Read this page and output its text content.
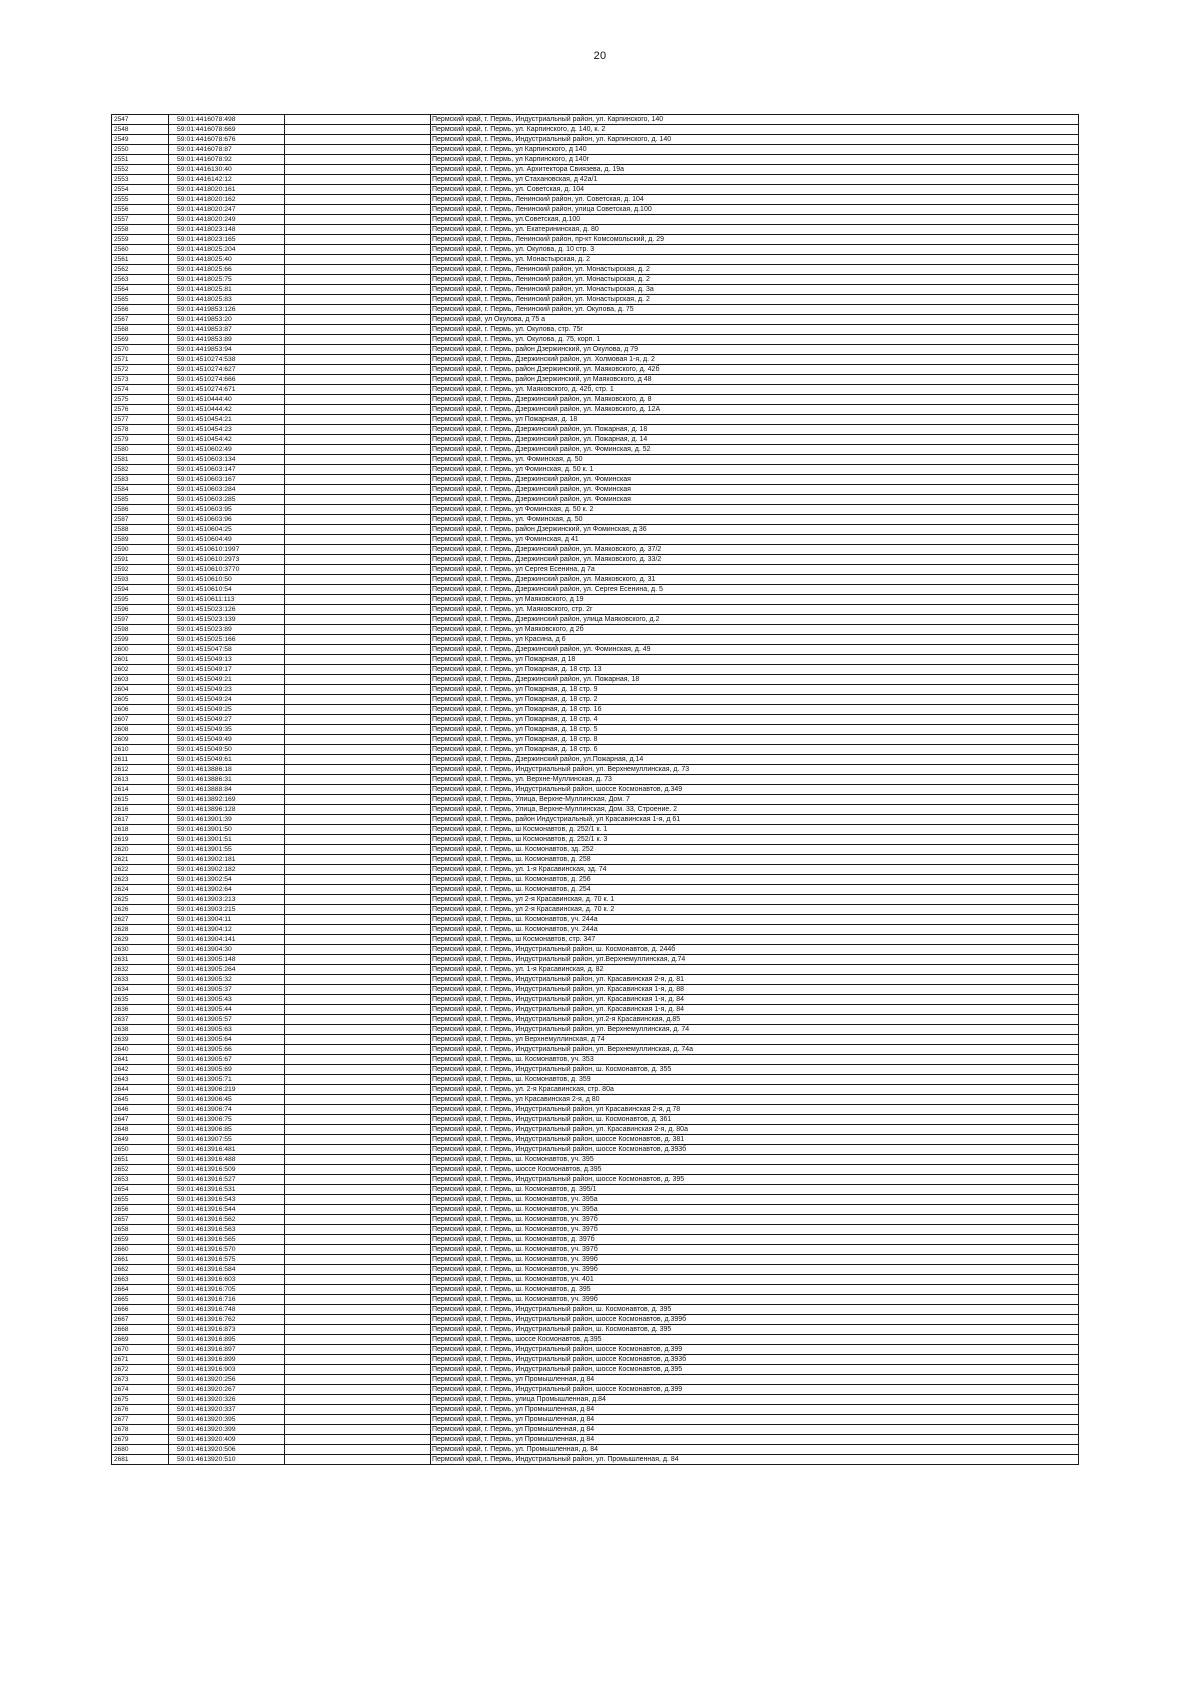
20
2547	59:01:4416078:498		Пермский край, г. Пермь, Индустриальный район, ул. Карпинского, 140
2548	59:01:4416078:669		Пермский край, г. Пермь, ул. Карпинского, д. 140, к. 2
2549	59:01:4416078:676		Пермский край, г. Пермь, Индустриальный район, ул. Карпинского, д. 140
2550	59:01:4416078:87		Пермский край, г. Пермь, ул Карпинского, д 140
2551	59:01:4416078:92		Пермский край, г. Пермь, ул Карпинского, д 140г
2552	59:01:4416130:40		Пермский край, г. Пермь, ул. Архитектора Свиязева, д. 19а
2553	59:01:4416142:12		Пермский край, г. Пермь, ул Стахановская, д 42а/1
2554	59:01:4418020:161		Пермский край, г. Пермь, ул. Советская, д. 104
2555	59:01:4418020:162		Пермский край, г. Пермь, Ленинский район, ул. Советская, д. 104
2556	59:01:4418020:247		Пермский край, г. Пермь, Ленинский район, улица Советская, д.100
2557	59:01:4418020:249		Пермский край, г. Пермь, ул.Советская, д.100
2558	59:01:4418023:148		Пермский край, г. Пермь, ул. Екатерининская, д. 80
2559	59:01:4418023:165		Пермский край, г. Пермь, Ленинский район, пр-кт Комсомольский, д. 29
2560	59:01:4418025:204		Пермский край, г. Пермь, ул. Окулова, д. 10 стр. 3
2561	59:01:4418025:40		Пермский край, г. Пермь, ул. Монастырская, д. 2
2562	59:01:4418025:66		Пермский край, г. Пермь, Ленинский район, ул. Монастырская, д. 2
2563	59:01:4418025:75		Пермский край, г. Пермь, Ленинский район, ул. Монастырская, д. 2
2564	59:01:4418025:81		Пермский край, г. Пермь, Ленинский район, ул. Монастырская, д. 3а
2565	59:01:4418025:83		Пермский край, г. Пермь, Ленинский район, ул. Монастырская, д. 2
2566	59:01:4419853:126		Пермский край, г. Пермь, Ленинский район, ул. Окулова, д. 75
2567	59:01:4419853:20		Пермский край, ул Окулова, д 75 а
2568	59:01:4419853:87		Пермский край, г. Пермь, ул. Окулова, стр. 75г
2569	59:01:4419853:89		Пермский край, г. Пермь, ул. Окулова, д. 75, корп. 1
2570	59:01:4419853:94		Пермский край, г. Пермь, район Дзержинский, ул Окулова, д 79
2571	59:01:4510274:538		Пермский край, г. Пермь, Дзержинский район, ул. Холмовая 1-я, д. 2
2572	59:01:4510274:627		Пермский край, г. Пермь, район Дзержинский, ул. Маяковского, д. 42б
2573	59:01:4510274:666		Пермский край, г. Пермь, район Дзержинский, ул Маяковского, д 48
2574	59:01:4510274:671		Пермский край, г. Пермь, ул. Маяковского, д. 42б, стр. 1
2575	59:01:4510444:40		Пермский край, г. Пермь, Дзержинский район, ул. Маяковского, д. 8
2576	59:01:4510444:42		Пермский край, г. Пермь, Дзержинский район, ул. Маяковского, д. 12А
2577	59:01:4510454:21		Пермский край, г. Пермь, ул Пожарная, д. 18
2578	59:01:4510454:23		Пермский край, г. Пермь, Дзержинский район, ул. Пожарная, д. 18
2579	59:01:4510454:42		Пермский край, г. Пермь, Дзержинский район, ул. Пожарная, д. 14
2580	59:01:4510602:49		Пермский край, г. Пермь, Дзержинский район, ул. Фоминская, д. 52
2581	59:01:4510603:134		Пермский край, г. Пермь, ул. Фоминская, д. 50
2582	59:01:4510603:147		Пермский край, г. Пермь, ул Фоминская, д. 50 к. 1
2583	59:01:4510603:167		Пермский край, г. Пермь, Дзержинский район, ул. Фоминская
2584	59:01:4510603:284		Пермский край, г. Пермь, Дзержинский район, ул. Фоминская
2585	59:01:4510603:285		Пермский край, г. Пермь, Дзержинский район, ул. Фоминская
2586	59:01:4510603:95		Пермский край, г. Пермь, ул Фоминская, д. 50 к. 2
2587	59:01:4510603:96		Пермский край, г. Пермь, ул. Фоминская, д. 50
2588	59:01:4510604:25		Пермский край, г. Пермь, район Дзержинский, ул Фоминская, д 36
2589	59:01:4510604:49		Пермский край, г. Пермь, ул Фоминская, д 41
2590	59:01:4510610:1997		Пермский край, г. Пермь, Дзержинский район, ул. Маяковского, д. 37/2
2591	59:01:4510610:2973		Пермский край, г. Пермь, Дзержинский район, ул. Маяковского, д. 33/2
2592	59:01:4510610:3770		Пермский край, г. Пермь, ул Сергея Есенина, д 7а
2593	59:01:4510610:50		Пермский край, г. Пермь, Дзержинский район, ул. Маяковского, д. 31
2594	59:01:4510610:54		Пермский край, г. Пермь, Дзержинский район, ул. Сергея Есенина, д. 5
2595	59:01:4510611:113		Пермский край, г. Пермь, ул Маяковского, д 19
2596	59:01:4515023:126		Пермский край, г. Пермь, ул. Маяковского, стр. 2г
2597	59:01:4515023:139		Пермский край, г. Пермь, Дзержинский район, улица Маяковского, д.2
2598	59:01:4515023:89		Пермский край, г. Пермь, ул Маяковского, д 2б
2599	59:01:4515025:166		Пермский край, г. Пермь, ул Красина, д 6
2600	59:01:4515047:58		Пермский край, г. Пермь, Дзержинский район, ул. Фоминская, д. 49
2601	59:01:4515049:13		Пермский край, г. Пермь, ул Пожарная, д 18
2602	59:01:4515049:17		Пермский край, г. Пермь, ул Пожарная, д. 18 стр. 13
2603	59:01:4515049:21		Пермский край, г. Пермь, Дзержинский район, ул. Пожарная, 18
2604	59:01:4515049:23		Пермский край, г. Пермь, ул Пожарная, д. 18 стр. 9
2605	59:01:4515049:24		Пермский край, г. Пермь, ул Пожарная, д. 18 стр. 2
2606	59:01:4515049:25		Пермский край, г. Пермь, ул Пожарная, д. 18 стр. 16
2607	59:01:4515049:27		Пермский край, г. Пермь, ул Пожарная, д. 18 стр. 4
2608	59:01:4515049:35		Пермский край, г. Пермь, ул Пожарная, д. 18 стр. 5
2609	59:01:4515049:49		Пермский край, г. Пермь, ул Пожарная, д. 18 стр. 8
2610	59:01:4515049:50		Пермский край, г. Пермь, ул Пожарная, д. 18 стр. 6
2611	59:01:4515049:61		Пермский край, г. Пермь, Дзержинский район, ул.Пожарная, д.14
2612	59:01:4613886:18		Пермский край, г. Пермь, Индустриальный район, ул. Верхнемуллинская, д. 73
2613	59:01:4613886:31		Пермский край, г. Пермь, ул. Верхне-Муллинская, д. 73
2614	59:01:4613888:84		Пермский край, г. Пермь, Индустриальный район, шоссе Космонавтов, д.349
2615	59:01:4613892:169		Пермский край, г. Пермь, Улица, Верхне-Муллинская, Дом. 7
2616	59:01:4613896:128		Пермский край, г. Пермь, Улица, Верхне-Муллинская, Дом. 33, Строение. 2
2617	59:01:4613901:39		Пермский край, г. Пермь, район Индустриальный, ул Красавинская 1-я, д 61
2618	59:01:4613901:50		Пермский край, г. Пермь, ш Космонавтов, д. 252/1 к. 1
2619	59:01:4613901:51		Пермский край, г. Пермь, ш Космонавтов, д. 252/1 к. 3
2620	59:01:4613901:55		Пермский край, г. Пермь, ш. Космонавтов, зд. 252
2621	59:01:4613902:181		Пермский край, г. Пермь, ш. Космонавтов, д. 258
2622	59:01:4613902:182		Пермский край, г. Пермь, ул. 1-я Красавинская, зд. 74
2623	59:01:4613902:54		Пермский край, г. Пермь, ш. Космонавтов, д. 256
2624	59:01:4613902:64		Пермский край, г. Пермь, ш. Космонавтов, д. 254
2625	59:01:4613903:213		Пермский край, г. Пермь, ул 2-я Красавинская, д. 70 к. 1
2626	59:01:4613903:215		Пермский край, г. Пермь, ул 2-я Красавинская, д. 70 к. 2
2627	59:01:4613904:11		Пермский край, г. Пермь, ш. Космонавтов, уч. 244а
2628	59:01:4613904:12		Пермский край, г. Пермь, ш. Космонавтов, уч. 244а
2629	59:01:4613904:141		Пермский край, г. Пермь, ш Космонавтов, стр. 347
2630	59:01:4613904:30		Пермский край, г. Пермь, Индустриальный район, ш. Космонавтов, д. 244б
2631	59:01:4613905:148		Пермский край, г. Пермь, Индустриальный район, ул.Верхнемуллинская, д.74
2632	59:01:4613905:264		Пермский край, г. Пермь, ул. 1-я Красавинская, д. 82
2633	59:01:4613905:32		Пермский край, г. Пермь, Индустриальный район, ул. Красавинская 2-я, д. 81
2634	59:01:4613905:37		Пермский край, г. Пермь, Индустриальный район, ул. Красавинская 1-я, д. 88
2635	59:01:4613905:43		Пермский край, г. Пермь, Индустриальный район, ул. Красавинская 1-я, д. 84
2636	59:01:4613905:44		Пермский край, г. Пермь, Индустриальный район, ул. Красавинская 1-я, д. 84
2637	59:01:4613905:57		Пермский край, г. Пермь, Индустриальный район, ул.2-я Красавинская, д.85
2638	59:01:4613905:63		Пермский край, г. Пермь, Индустриальный район, ул. Верхнемуллинская, д. 74
2639	59:01:4613905:64		Пермский край, г. Пермь, ул Верхнемуллинская, д 74
2640	59:01:4613905:66		Пермский край, г. Пермь, Индустриальный район, ул. Верхнемуллинская, д. 74а
2641	59:01:4613905:67		Пермский край, г. Пермь, ш. Космонавтов, уч. 353
2642	59:01:4613905:69		Пермский край, г. Пермь, Индустриальный район, ш. Космонавтов, д. 355
2643	59:01:4613905:71		Пермский край, г. Пермь, ш. Космонавтов, д. 359
2644	59:01:4613906:219		Пермский край, г. Пермь, ул. 2-я Красавинская, стр. 80а
2645	59:01:4613906:45		Пермский край, г. Пермь, ул Красавинская 2-я, д 80
2646	59:01:4613906:74		Пермский край, г. Пермь, Индустриальный район, ул Красавинская 2-я, д 78
2647	59:01:4613906:75		Пермский край, г. Пермь, Индустриальный район, ш. Космонавтов, д. 361
2648	59:01:4613906:85		Пермский край, г. Пермь, Индустриальный район, ул. Красавинская 2-я, д. 80а
2649	59:01:4613907:55		Пермский край, г. Пермь, Индустриальный район, шоссе Космонавтов, д. 381
2650	59:01:4613916:481		Пермский край, г. Пермь, Индустриальный район, шоссе Космонавтов, д.393б
2651	59:01:4613916:488		Пермский край, г. Пермь, ш. Космонавтов, уч. 395
2652	59:01:4613916:509		Пермский край, г. Пермь, шоссе Космонавтов, д.395
2653	59:01:4613916:527		Пермский край, г. Пермь, Индустриальный район, шоссе Космонавтов, д. 395
2654	59:01:4613916:531		Пермский край, г. Пермь, ш. Космонавтов, д. 395/1
2655	59:01:4613916:543		Пермский край, г. Пермь, ш. Космонавтов, уч. 395а
2656	59:01:4613916:544		Пермский край, г. Пермь, ш. Космонавтов, уч. 395а
2657	59:01:4613916:562		Пермский край, г. Пермь, ш. Космонавтов, уч. 397б
2658	59:01:4613916:563		Пермский край, г. Пермь, ш. Космонавтов, уч. 397б
2659	59:01:4613916:565		Пермский край, г. Пермь, ш. Космонавтов, д. 397б
2660	59:01:4613916:570		Пермский край, г. Пермь, ш. Космонавтов, уч. 397б
2661	59:01:4613916:575		Пермский край, г. Пермь, ш. Космонавтов, уч. 399б
2662	59:01:4613916:584		Пермский край, г. Пермь, ш. Космонавтов, уч. 399б
2663	59:01:4613916:603		Пермский край, г. Пермь, ш. Космонавтов, уч. 401
2664	59:01:4613916:705		Пермский край, г. Пермь, ш. Космонавтов, д. 395
2665	59:01:4613916:716		Пермский край, г. Пермь, ш. Космонавтов, уч. 399б
2666	59:01:4613916:748		Пермский край, г. Пермь, Индустриальный район, ш. Космонавтов, д. 395
2667	59:01:4613916:762		Пермский край, г. Пермь, Индустриальный район, шоссе Космонавтов, д.399б
2668	59:01:4613916:873		Пермский край, г. Пермь, Индустриальный район, ш. Космонавтов, д. 395
2669	59:01:4613916:895		Пермский край, г. Пермь, шоссе Космонавтов, д.395
2670	59:01:4613916:897		Пермский край, г. Пермь, Индустриальный район, шоссе Космонавтов, д.399
2671	59:01:4613916:899		Пермский край, г. Пермь, Индустриальный район, шоссе Космонавтов, д.393б
2672	59:01:4613916:903		Пермский край, г. Пермь, Индустриальный район, шоссе Космонавтов, д.395
2673	59:01:4613920:256		Пермский край, г. Пермь, ул Промышленная, д 84
2674	59:01:4613920:267		Пермский край, г. Пермь, Индустриальный район, шоссе Космонавтов, д.399
2675	59:01:4613920:326		Пермский край, г. Пермь, улица Промышленная, д.84
2676	59:01:4613920:337		Пермский край, г. Пермь, ул Промышленная, д 84
2677	59:01:4613920:395		Пермский край, г. Пермь, ул Промышленная, д 84
2678	59:01:4613920:399		Пермский край, г. Пермь, ул Промышленная, д 84
2679	59:01:4613920:409		Пермский край, г. Пермь, ул Промышленная, д 84
2680	59:01:4613920:506		Пермский край, г. Пермь, ул. Промышленная, д. 84
2681	59:01:4613920:510		Пермский край, г. Пермь, Индустриальный район, ул. Промышленная, д. 84
